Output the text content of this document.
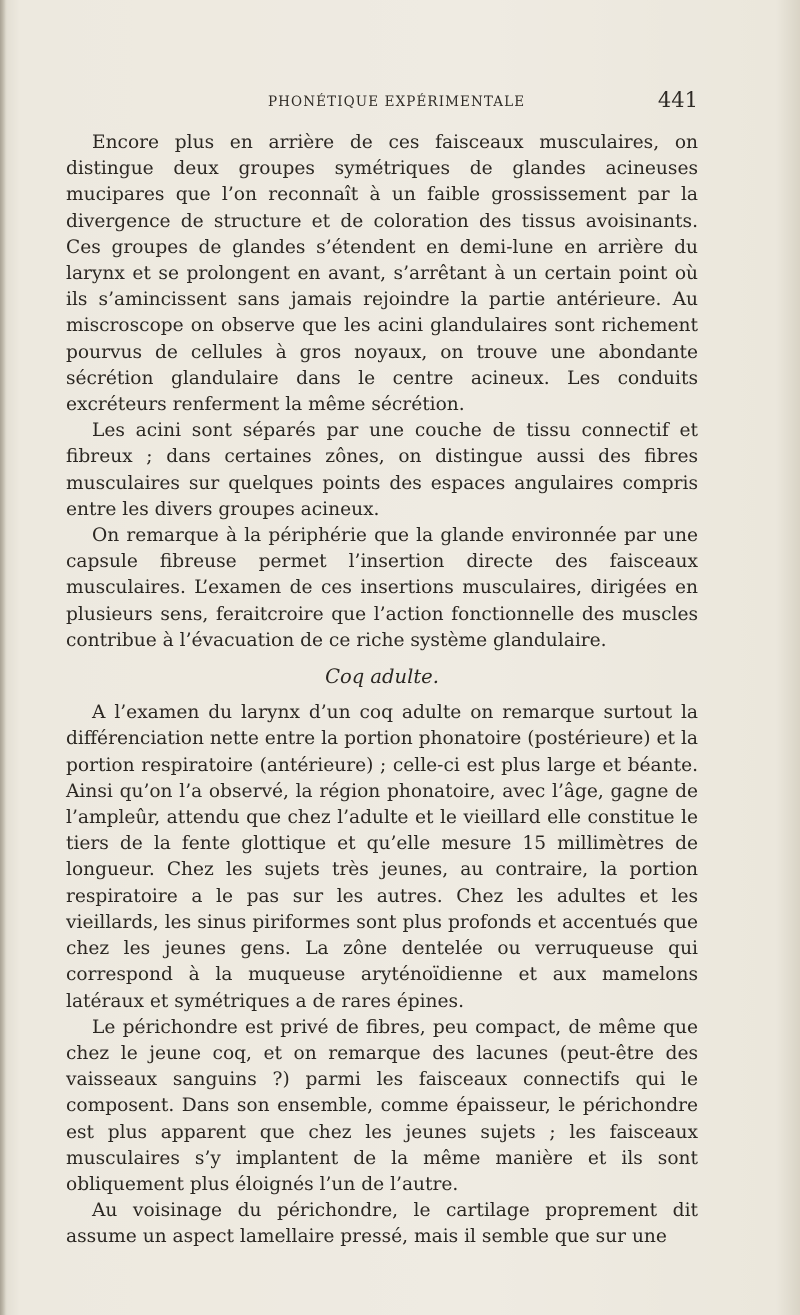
PHONÉTIQUE EXPÉRIMENTALE	441

Encore plus en arrière de ces faisceaux musculaires, on distingue deux groupes symétriques de glandes acineuses mucipares que l’on reconnaît à un faible grossissement par la divergence de structure et de coloration des tissus avoisinants. Ces groupes de glandes s’étendent en demi-lune en arrière du larynx et se prolongent en avant, s’arrêtant à un certain point où ils s’amincissent sans jamais rejoindre la partie antérieure. Au miscroscope on observe que les acini glandulaires sont richement pourvus de cellules à gros noyaux, on trouve une abondante sécrétion glandulaire dans le centre acineux. Les conduits excréteurs renferment la même sécrétion.

Les acini sont séparés par une couche de tissu connectif et fibreux ; dans certaines zônes, on distingue aussi des fibres musculaires sur quelques points des espaces angulaires compris entre les divers groupes acineux.

On remarque à la périphérie que la glande environnée par une capsule fibreuse permet l’insertion directe des faisceaux musculaires. L’examen de ces insertions musculaires, dirigées en plusieurs sens, feraitcroire que l’action fonctionnelle des muscles contribue à l’évacuation de ce riche système glandulaire.

Coq adulte.

A l’examen du larynx d’un coq adulte on remarque surtout la différenciation nette entre la portion phonatoire (postérieure) et la portion respiratoire (antérieure) ; celle-ci est plus large et béante. Ainsi qu’on l’a observé, la région phonatoire, avec l’âge, gagne de l’ampleûr, attendu que chez l’adulte et le vieillard elle constitue le tiers de la fente glottique et qu’elle mesure 15 millimètres de longueur. Chez les sujets très jeunes, au contraire, la portion respiratoire a le pas sur les autres. Chez les adultes et les vieillards, les sinus piriformes sont plus profonds et accentués que chez les jeunes gens. La zône dentelée ou verruqueuse qui correspond à la muqueuse aryténoïdienne et aux mamelons latéraux et symétriques a de rares épines.

Le périchondre est privé de fibres, peu compact, de même que chez le jeune coq, et on remarque des lacunes (peut-être des vaisseaux sanguins ?) parmi les faisceaux connectifs qui le composent. Dans son ensemble, comme épaisseur, le périchondre est plus apparent que chez les jeunes sujets ; les faisceaux musculaires s’y implantent de la même manière et ils sont obliquement plus éloignés l’un de l’autre.

Au voisinage du périchondre, le cartilage proprement dit assume un aspect lamellaire pressé, mais il semble que sur une
